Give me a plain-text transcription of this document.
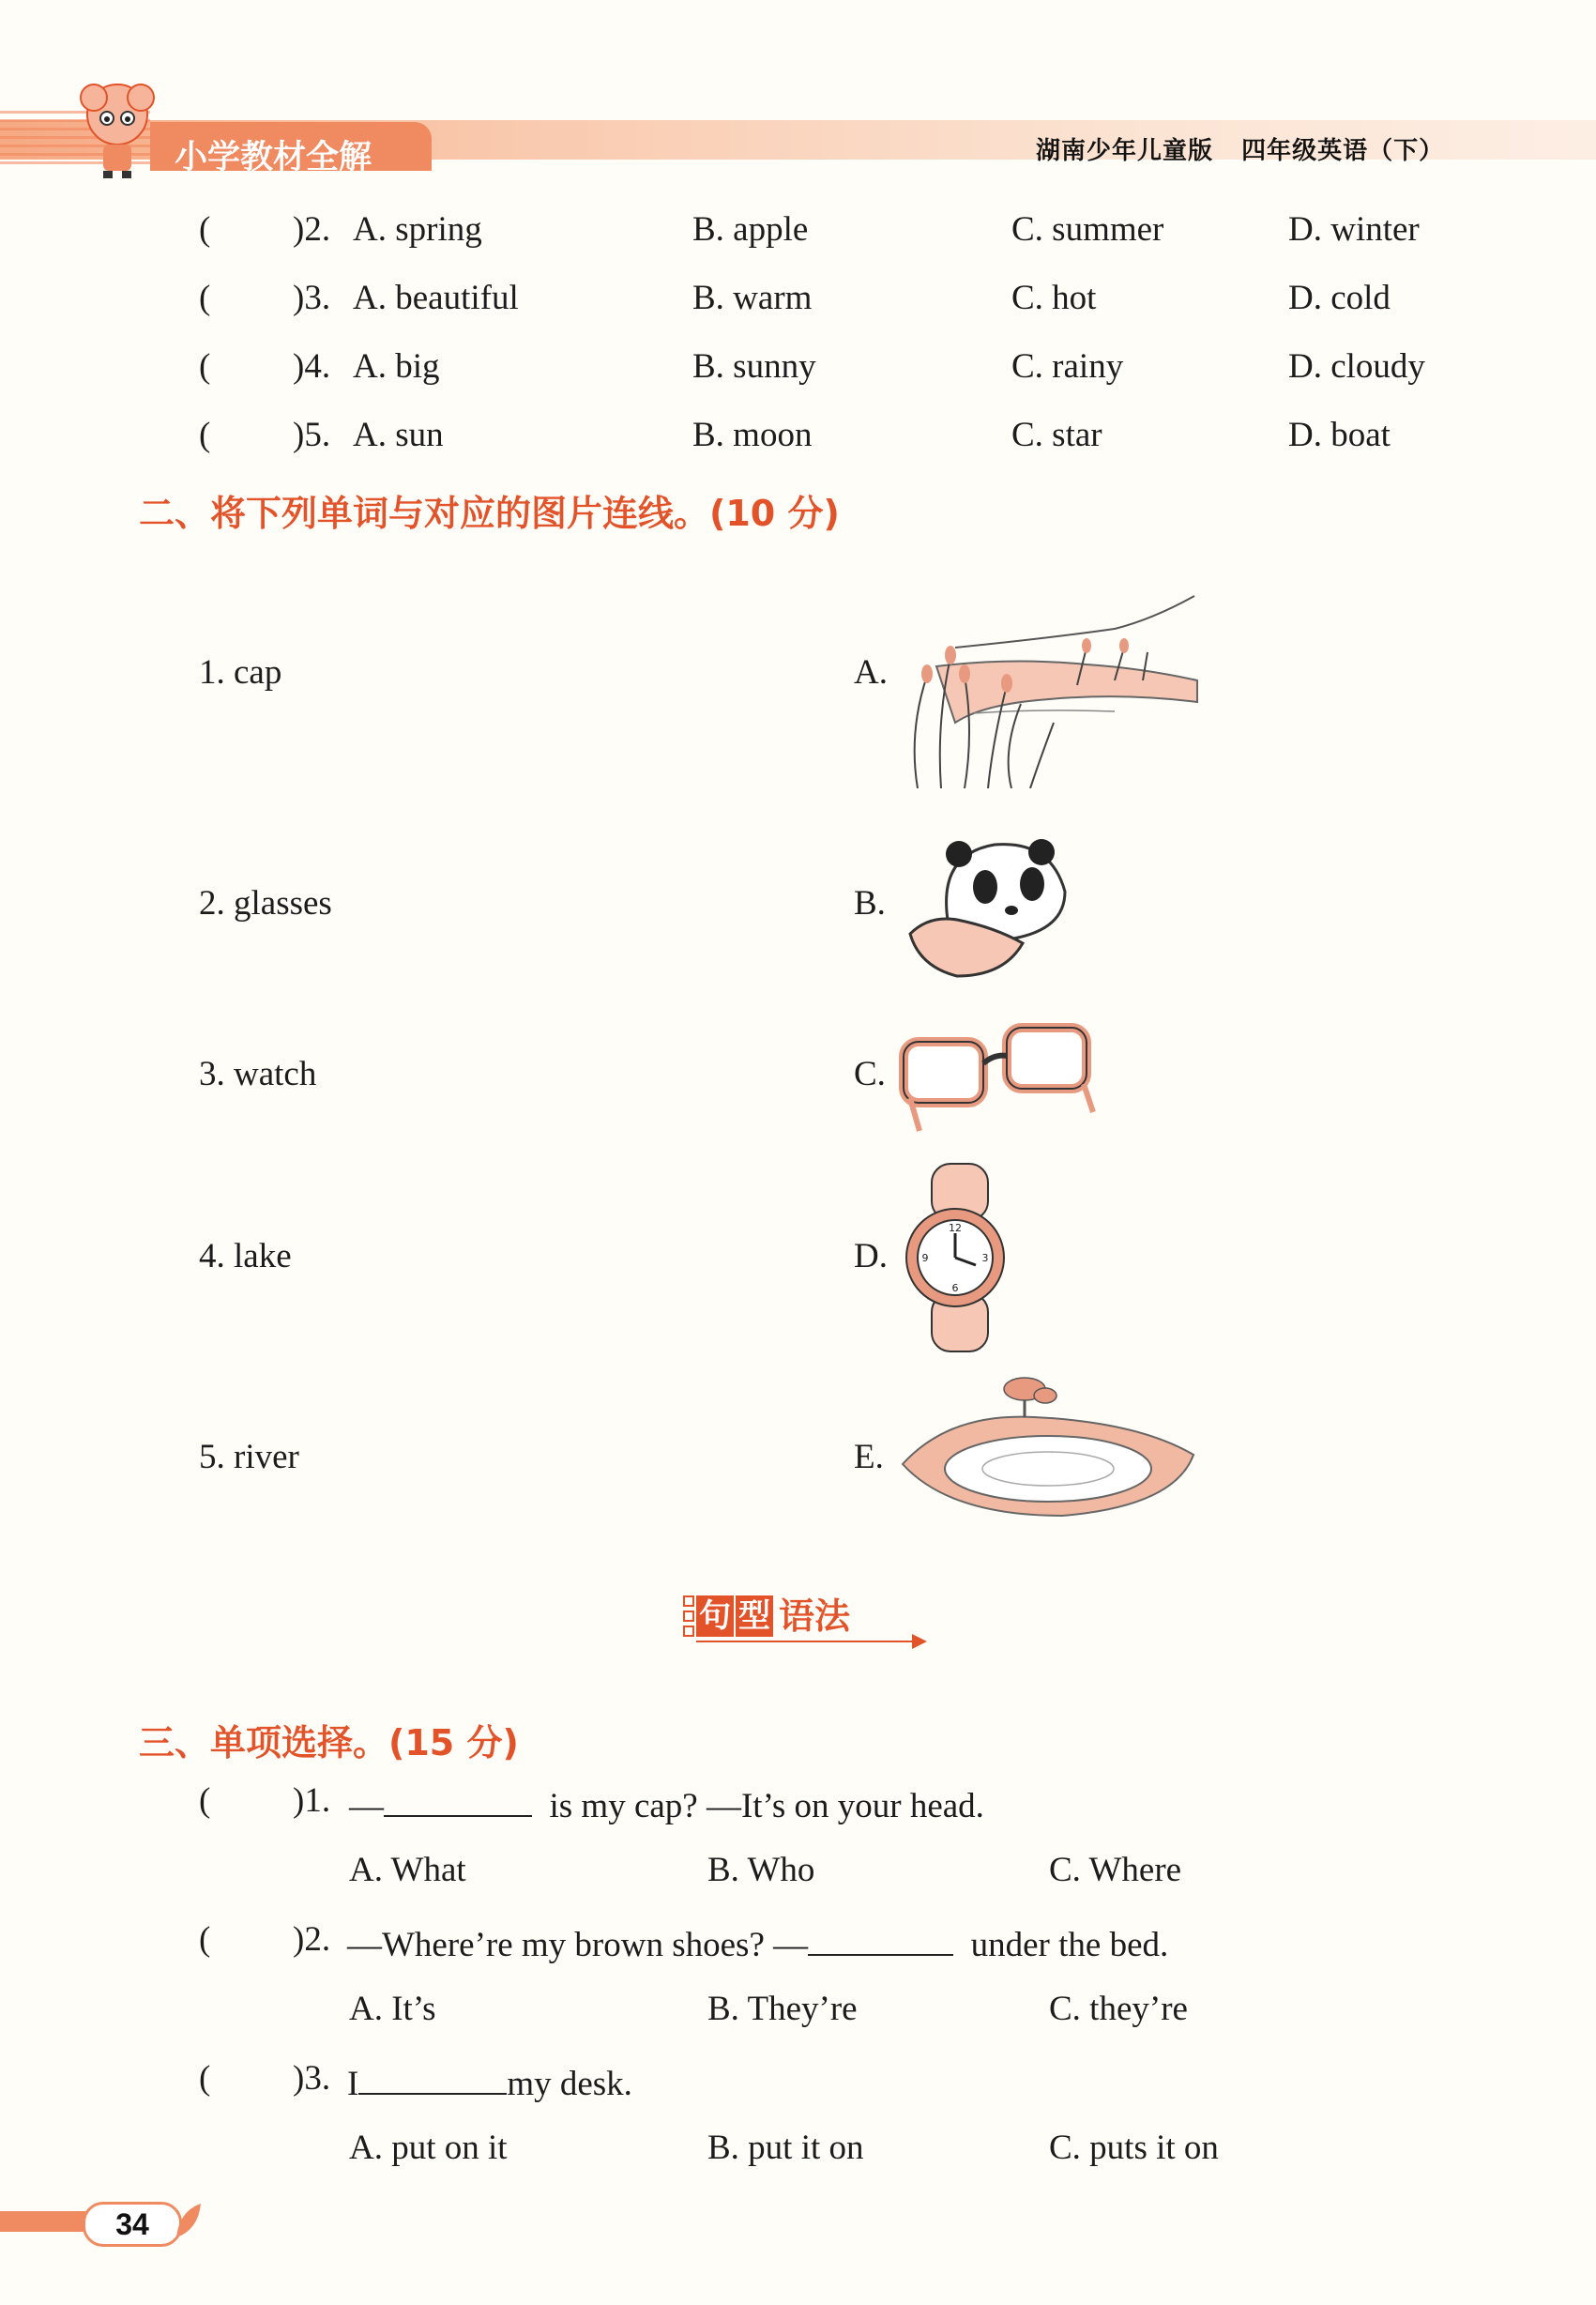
小学教材全解	湖南少年儿童版 四年级英语（下）
( )2. A. spring	B. apple	C. summer	D. winter
( )3. A. beautiful	B. warm	C. hot	D. cold
( )4. A. big	B. sunny	C. rainy	D. cloudy
( )5. A. sun	B. moon	C. star	D. boat
二、将下列单词与对应的图片连线。(10 分)
1. cap
2. glasses
3. watch
4. lake
5. river
A.
B.
C.
D.
E.
12
3
6
9
句 型 语法
三、单项选择。(15 分)
( )1. —	is my cap? —It’s on your head.
A. What	B. Who	C. Where
( )2. —Where’re my brown shoes? —	under the bed.
A. It’s	B. They’re	C. they’re
( )3. I	my desk.
A. put on it	B. put it on	C. puts it on
34
